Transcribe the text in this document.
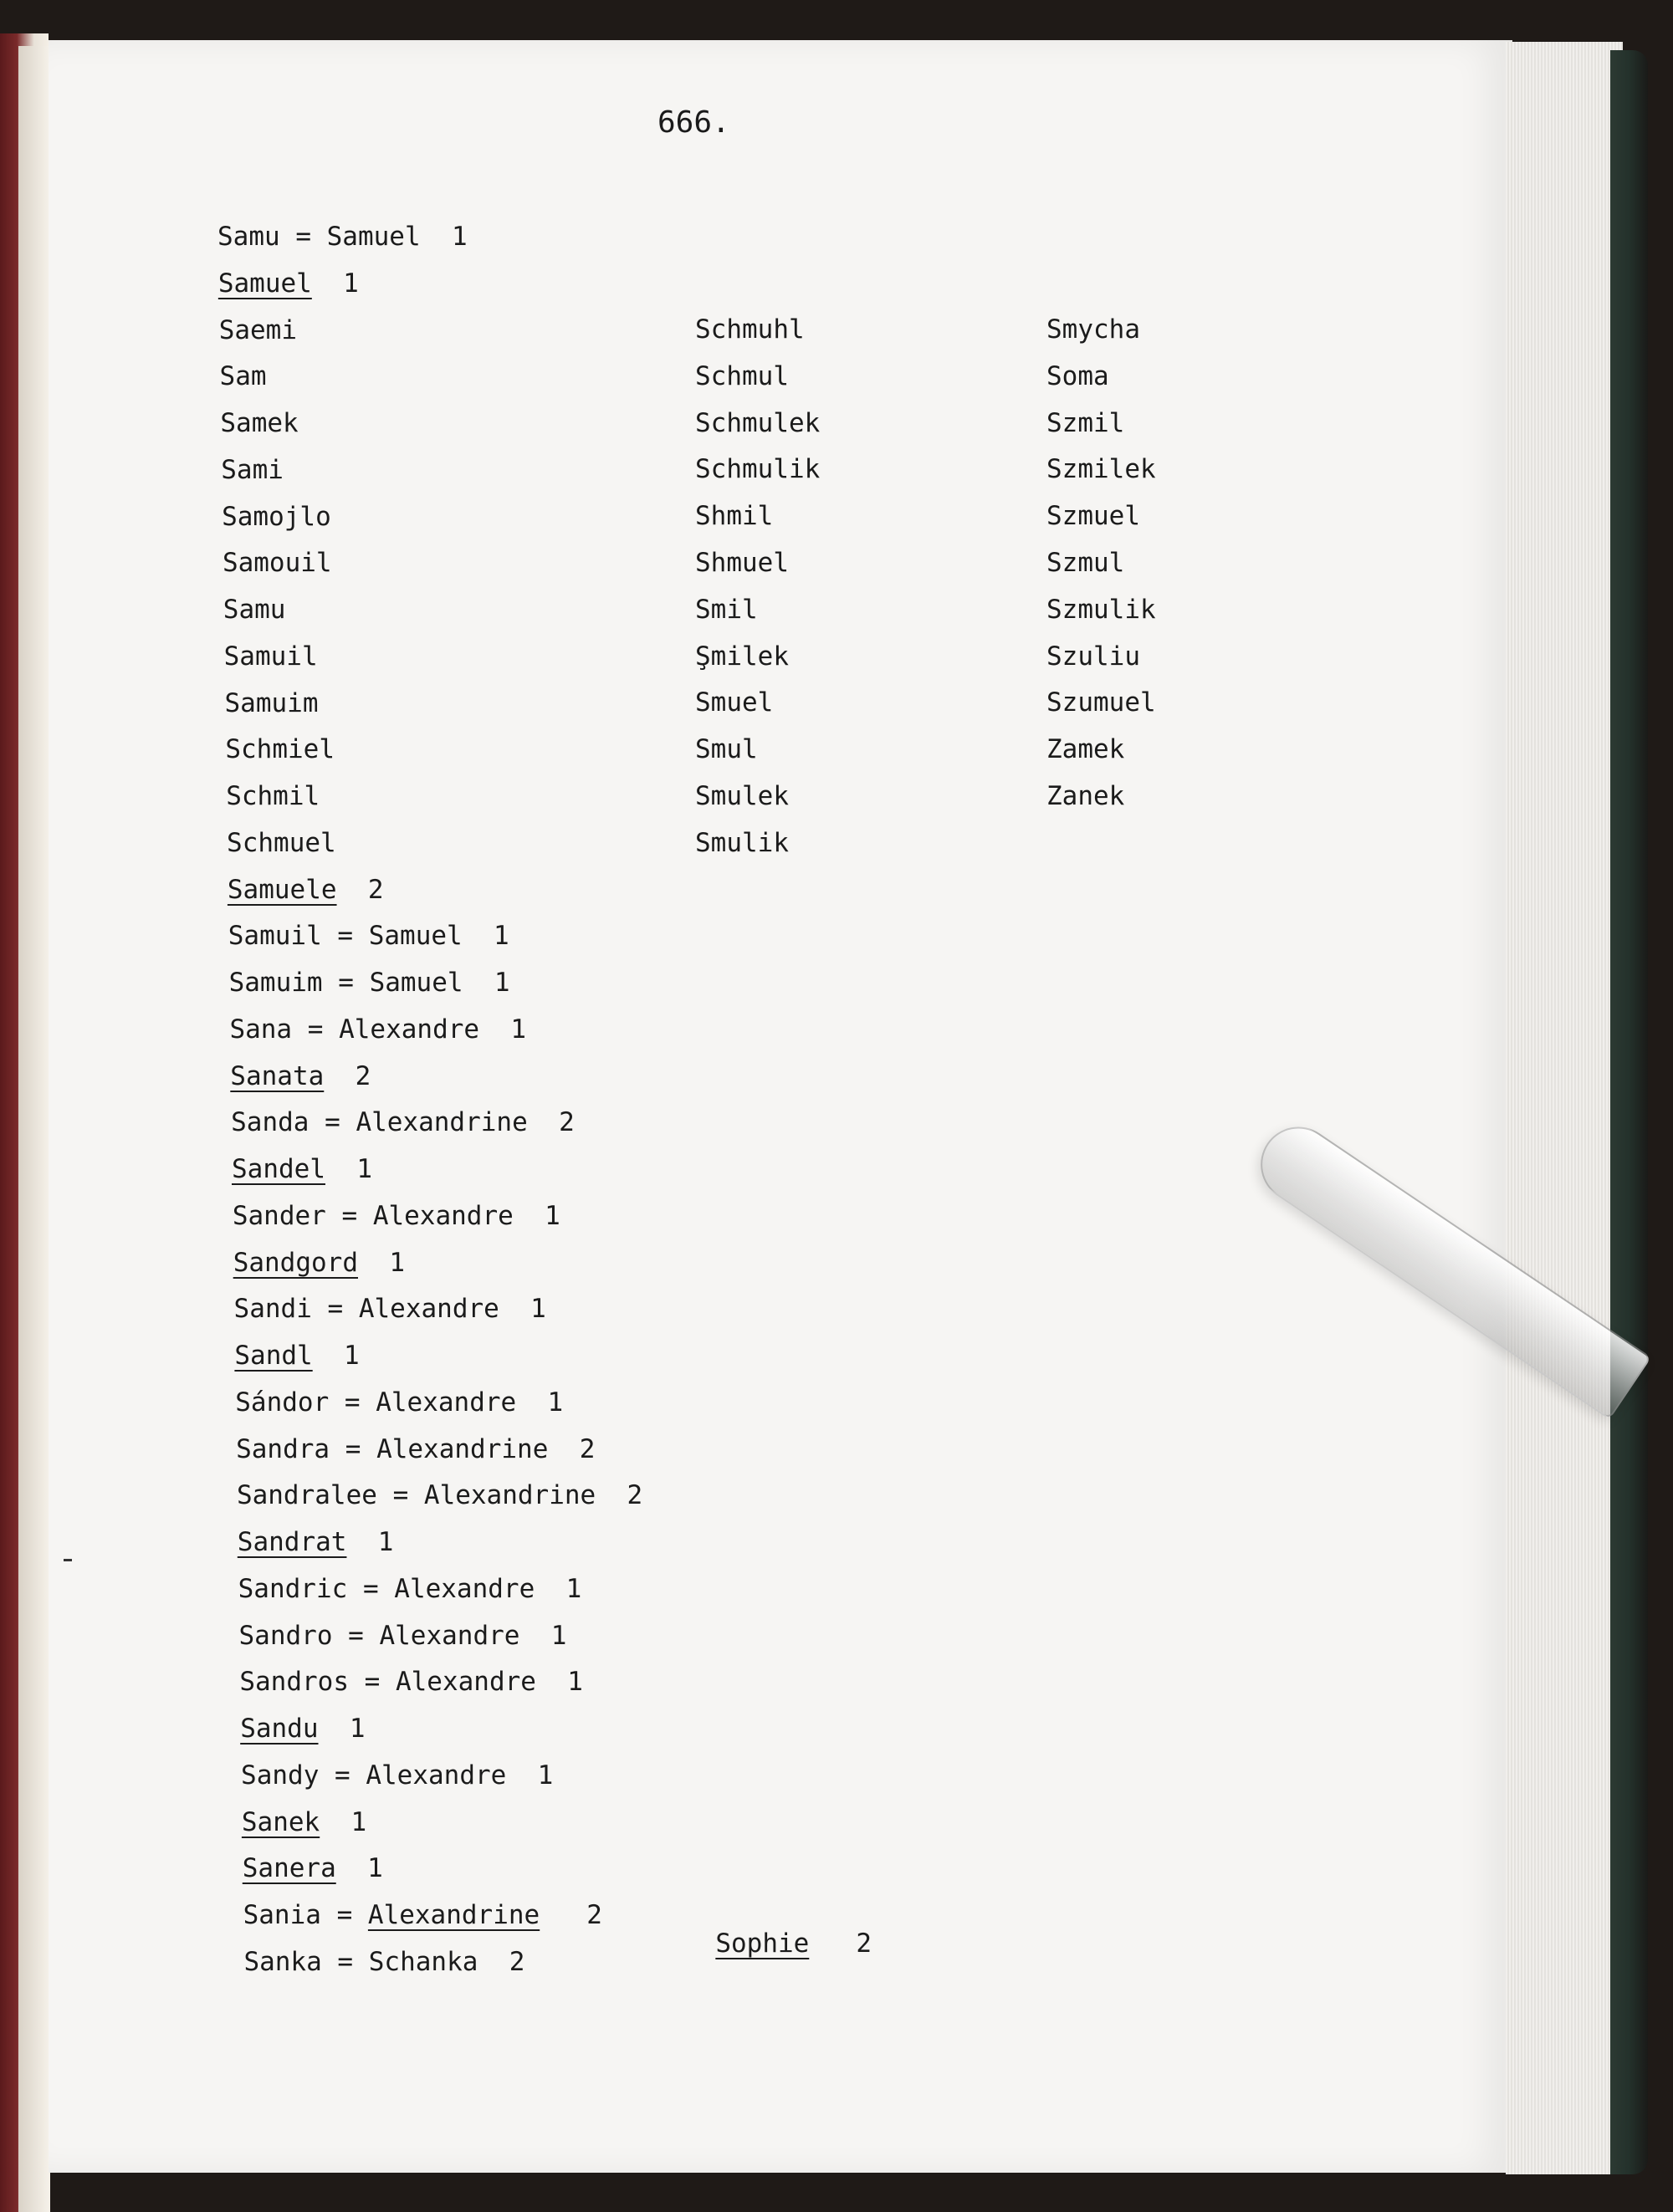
666.
Samu = Samuel  1
Samuel 1
Saemi
Sam
Samek
Sami
Samojlo
Samouil
Samu
Samuil
Samuim
Schmiel
Schmil
Schmuel
Samuele 2
Samuil = Samuel  1
Samuim = Samuel  1
Sana = Alexandre  1
Sanata 2
Sanda = Alexandrine  2
Sandel 1
Sander = Alexandre  1
Sandgord 1
Sandi = Alexandre  1
Sandl 1
Sándor = Alexandre  1
Sandra = Alexandrine  2
Sandralee = Alexandrine  2
Sandrat 1
Sandric = Alexandre  1
Sandro = Alexandre  1
Sandros = Alexandre  1
Sandu 1
Sandy = Alexandre  1
Sanek 1
Sanera 1
Sania = Alexandrine 2
Sanka = Schanka  2
Schmuhl
Schmul
Schmulek
Schmulik
Shmil
Shmuel
Smil
Şmilek
Smuel
Smul
Smulek
Smulik
Smycha
Soma
Szmil
Szmilek
Szmuel
Szmul
Szmulik
Szuliu
Szumuel
Zamek
Zanek

Sophie 2
